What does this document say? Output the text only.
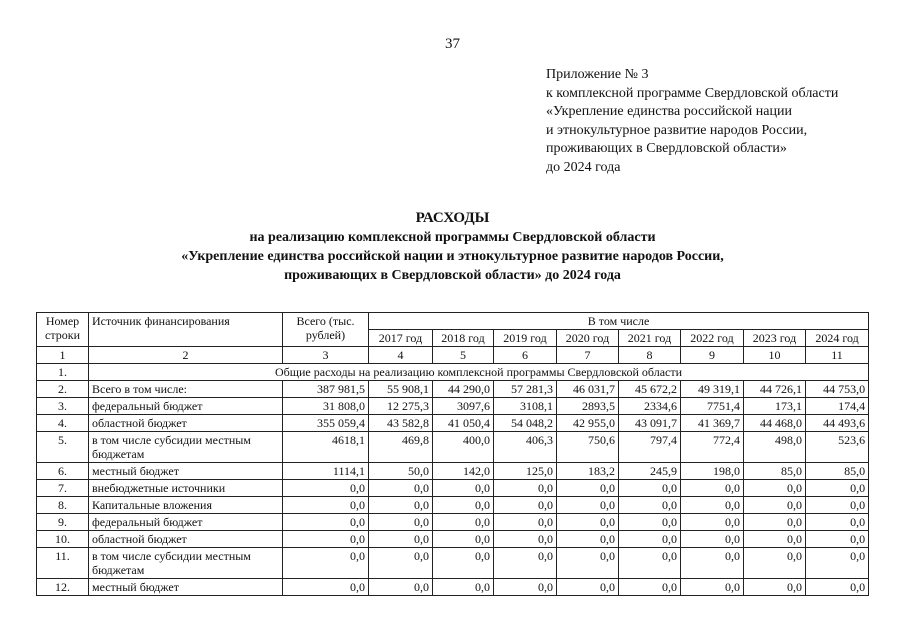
37
Приложение № 3
к комплексной программе Свердловской области
«Укрепление единства российской нации
и этнокультурное развитие народов России,
проживающих в Свердловской области»
до 2024 года
РАСХОДЫ
на реализацию комплексной программы Свердловской области
«Укрепление единства российской нации и этнокультурное развитие народов России,
проживающих в Свердловской области» до 2024 года
Номер строки	Источник финансирования	Всего (тыс. рублей)	В том числе							
			2017 год	2018 год	2019 год	2020 год	2021 год	2022 год	2023 год	2024 год
1	2	3	4	5	6	7	8	9	10	11
1.	Общие расходы на реализацию комплексной программы Свердловской области									
2.	Всего в том числе:	387 981,5	55 908,1	44 290,0	57 281,3	46 031,7	45 672,2	49 319,1	44 726,1	44 753,0
3.	федеральный бюджет	31 808,0	12 275,3	3097,6	3108,1	2893,5	2334,6	7751,4	173,1	174,4
4.	областной бюджет	355 059,4	43 582,8	41 050,4	54 048,2	42 955,0	43 091,7	41 369,7	44 468,0	44 493,6
5.	в том числе субсидии местным бюджетам	4618,1	469,8	400,0	406,3	750,6	797,4	772,4	498,0	523,6
6.	местный бюджет	1114,1	50,0	142,0	125,0	183,2	245,9	198,0	85,0	85,0
7.	внебюджетные источники	0,0	0,0	0,0	0,0	0,0	0,0	0,0	0,0	0,0
8.	Капитальные вложения	0,0	0,0	0,0	0,0	0,0	0,0	0,0	0,0	0,0
9.	федеральный бюджет	0,0	0,0	0,0	0,0	0,0	0,0	0,0	0,0	0,0
10.	областной бюджет	0,0	0,0	0,0	0,0	0,0	0,0	0,0	0,0	0,0
11.	в том числе субсидии местным бюджетам	0,0	0,0	0,0	0,0	0,0	0,0	0,0	0,0	0,0
12.	местный бюджет	0,0	0,0	0,0	0,0	0,0	0,0	0,0	0,0	0,0
